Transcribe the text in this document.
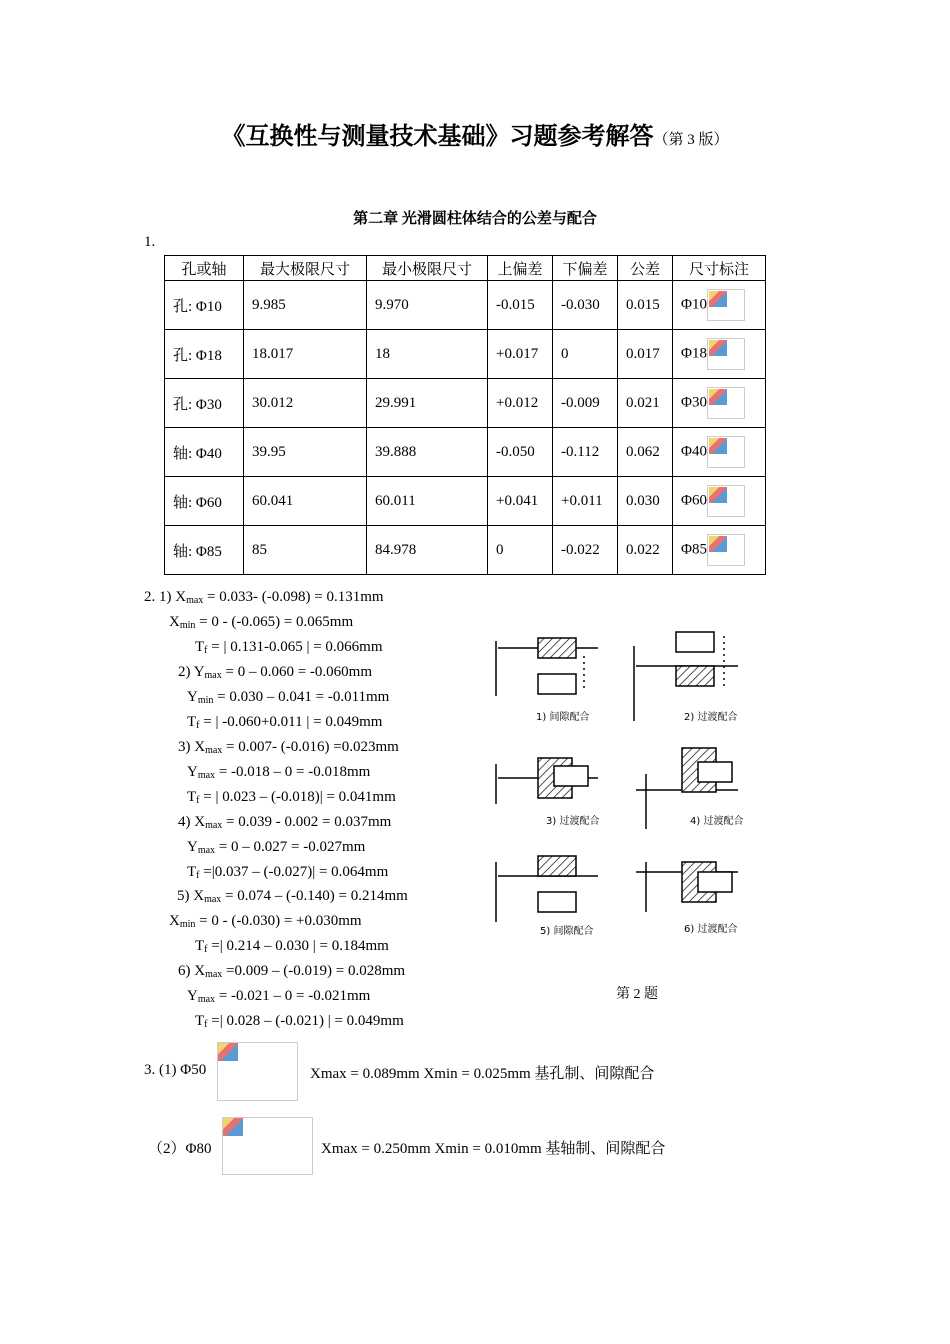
《互换性与测量技术基础》习题参考解答（第 3 版）
第二章 光滑圆柱体结合的公差与配合
1.
孔或轴	最大极限尺寸	最小极限尺寸	上偏差	下偏差	公差	尺寸标注
孔: Φ10	9.985	9.970	-0.015	-0.030	0.015	Φ10

孔: Φ18	18.017	18	+0.017	0	0.017	Φ18

孔: Φ30	30.012	29.991	+0.012	-0.009	0.021	Φ30

轴: Φ40	39.95	39.888	-0.050	-0.112	0.062	Φ40

轴: Φ60	60.041	60.011	+0.041	+0.011	0.030	Φ60

轴: Φ85	85	84.978	0	-0.022	0.022	Φ85
2. 1) $X_{max} = 0.033-$ (-0.098) = 0.131mm
$X_{min} = 0 - (-0.065) = 0.065mm$
$T_f$ = | 0.131-0.065 | = 0.066mm
2) $Y_{max} = 0 - 0.060 = -0.060mm$
$Y_{min} = 0.030 - 0.041 = -0.011mm$
$T_f$ = | -0.060+0.011 | = 0.049mm
3) $X_{max} = 0.007-$ (-0.016) =0.023mm
$Y_{max} = -0.018 - 0 = -0.018mm$
$T_f$ = | 0.023 – (-0.018)| = 0.041mm
4) $X_{max} = 0.039 - 0.002 = 0.037mm$
$Y_{max} = 0 - 0.027 = -0.027mm$
$T_f =|0.037 - (-0.027)| = 0.064mm$
5) $X_{max} = 0.074 - (-0.140) = 0.214mm$
$X_{min} = 0 - (-0.030) = +0.030mm$
$T_f$ =| 0.214 – 0.030 | = 0.184mm
6) $X_{max} =0.009 - (-0.019) = 0.028mm$
$Y_{max} = -0.021 - 0 = -0.021mm$
$T_f$ =| 0.028 – (-0.021) | = 0.049mm
1) 间隙配合	2) 过渡配合
3) 过渡配合	4) 过渡配合
5) 间隙配合	6) 过渡配合
第 2 题
3. (1) Φ50	Xmax = 0.089mm Xmin = 0.025mm 基孔制、间隙配合
（2）Φ80	Xmax = 0.250mm Xmin = 0.010mm 基轴制、间隙配合
